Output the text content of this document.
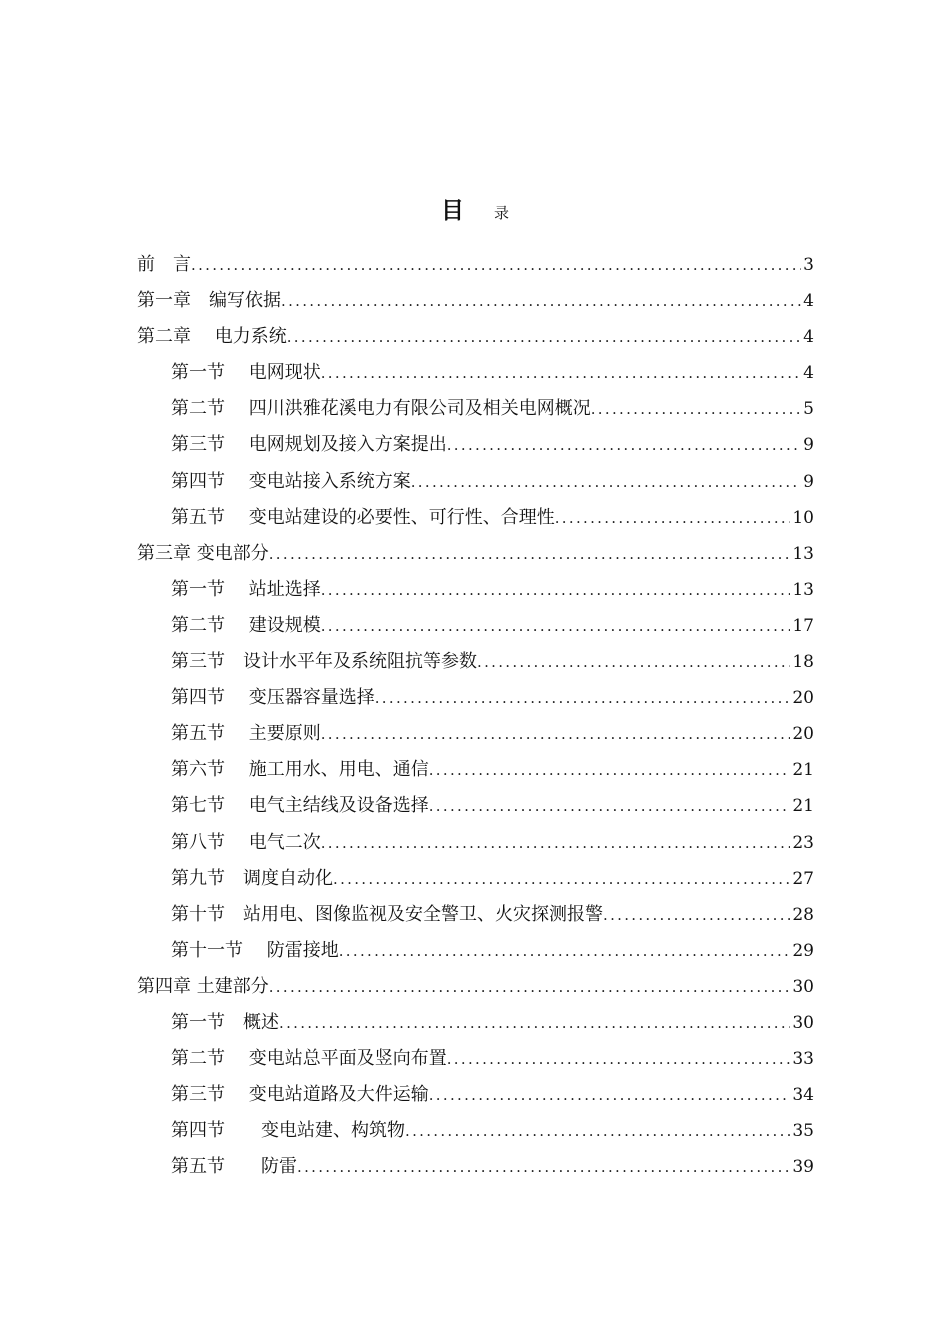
目 录
前　言 .....	3
第一章　编写依据 .....	4
第二章　 电力系统 .....	4
第一节　 电网现状 .....	4
第二节　 四川洪雅花溪电力有限公司及相关电网概况 .....	5
第三节　 电网规划及接入方案提出 .....	9
第四节　 变电站接入系统方案 .....	9
第五节　 变电站建设的必要性、可行性、合理性 .....	10
第三章 变电部分 .....	13
第一节　 站址选择 .....	13
第二节　 建设规模 .....	17
第三节　设计水平年及系统阻抗等参数 .....	18
第四节　 变压器容量选择 .....	20
第五节　 主要原则 .....	20
第六节　 施工用水、用电、通信 .....	21
第七节　 电气主结线及设备选择 .....	21
第八节　 电气二次 .....	23
第九节　调度自动化 .....	27
第十节　站用电、图像监视及安全警卫、火灾探测报警 .....	28
第十一节　 防雷接地 .....	29
第四章 土建部分 .....	30
第一节　概述 .....	30
第二节　 变电站总平面及竖向布置 .....	33
第三节　 变电站道路及大件运输 .....	34
第四节　　变电站建、构筑物 .....	35
第五节　　防雷 .....	39
